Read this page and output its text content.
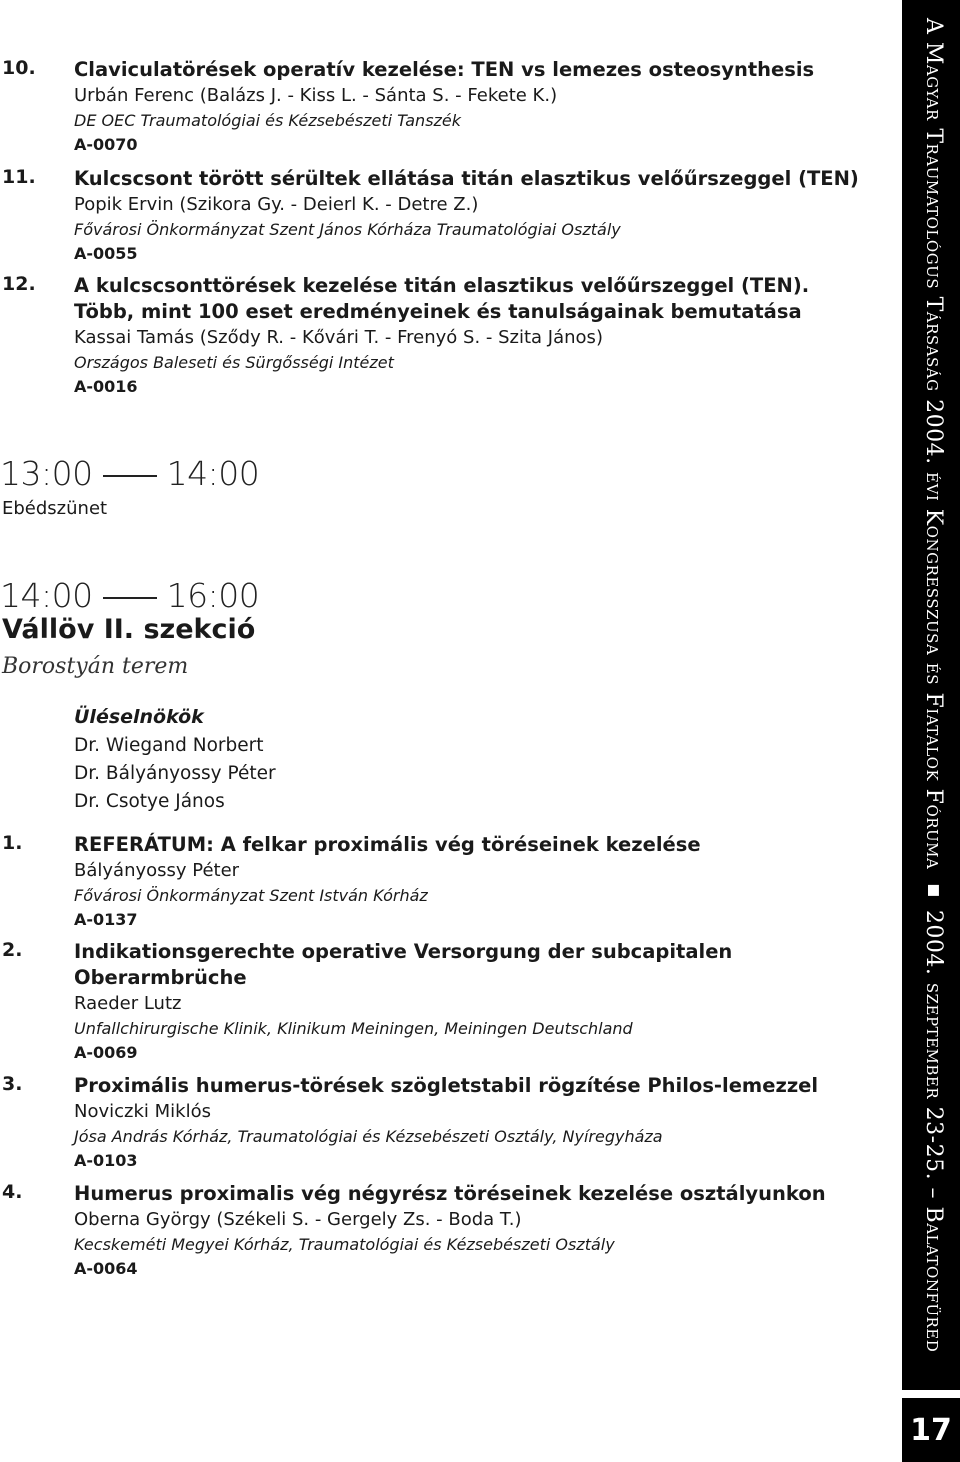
10. Claviculatörések operatív kezelése: TEN vs lemezes osteosynthesis
Urbán Ferenc (Balázs J. - Kiss L. - Sánta S. - Fekete K.)
DE OEC Traumatológiai és Kézsebészeti Tanszék
A-0070
11. Kulcscsont törött sérültek ellátása titán elasztikus velőűrszeggel (TEN)
Popik Ervin (Szikora Gy. - Deierl K. - Detre Z.)
Fővárosi Önkormányzat Szent János Kórháza Traumatológiai Osztály
A-0055
12. A kulcscsonttörések kezelése titán elasztikus velőűrszeggel (TEN).
Több, mint 100 eset eredményeinek és tanulságainak bemutatása
Kassai Tamás (Sződy R. - Kővári T. - Frenyó S. - Szita János)
Országos Baleseti és Sürgősségi Intézet
A-0016
13:00 14:00
Ebédszünet
14:00 16:00
Vállöv II. szekció
Borostyán terem
Üléselnökök
Dr. Wiegand Norbert
Dr. Bályányossy Péter
Dr. Csotye János
1.	REFERÁTUM: A felkar proximális vég töréseinek kezelése
Bályányossy Péter
Fővárosi Önkormányzat Szent István Kórház
A-0137
2.	Indikationsgerechte operative Versorgung der subcapitalen
Oberarmbrüche
Raeder Lutz
Unfallchirurgische Klinik, Klinikum Meiningen, Meiningen Deutschland
A-0069
3.	Proximális humerus-törések szögletstabil rögzítése Philos-lemezzel
Noviczki Miklós
Jósa András Kórház, Traumatológiai és Kézsebészeti Osztály, Nyíregyháza
A-0103
4.	Humerus proximalis vég négyrész töréseinek kezelése osztályunkon
Oberna György (Székeli S. - Gergely Zs. - Boda T.)
Kecskeméti Megyei Kórház, Traumatológiai és Kézsebészeti Osztály
A-0064	A Magyar Traumatológus Társaság 2004. évi Kongresszusa és Fiatalok Fóruma ▪ 2004. szeptember 23-25. – Balatonfüred
17
